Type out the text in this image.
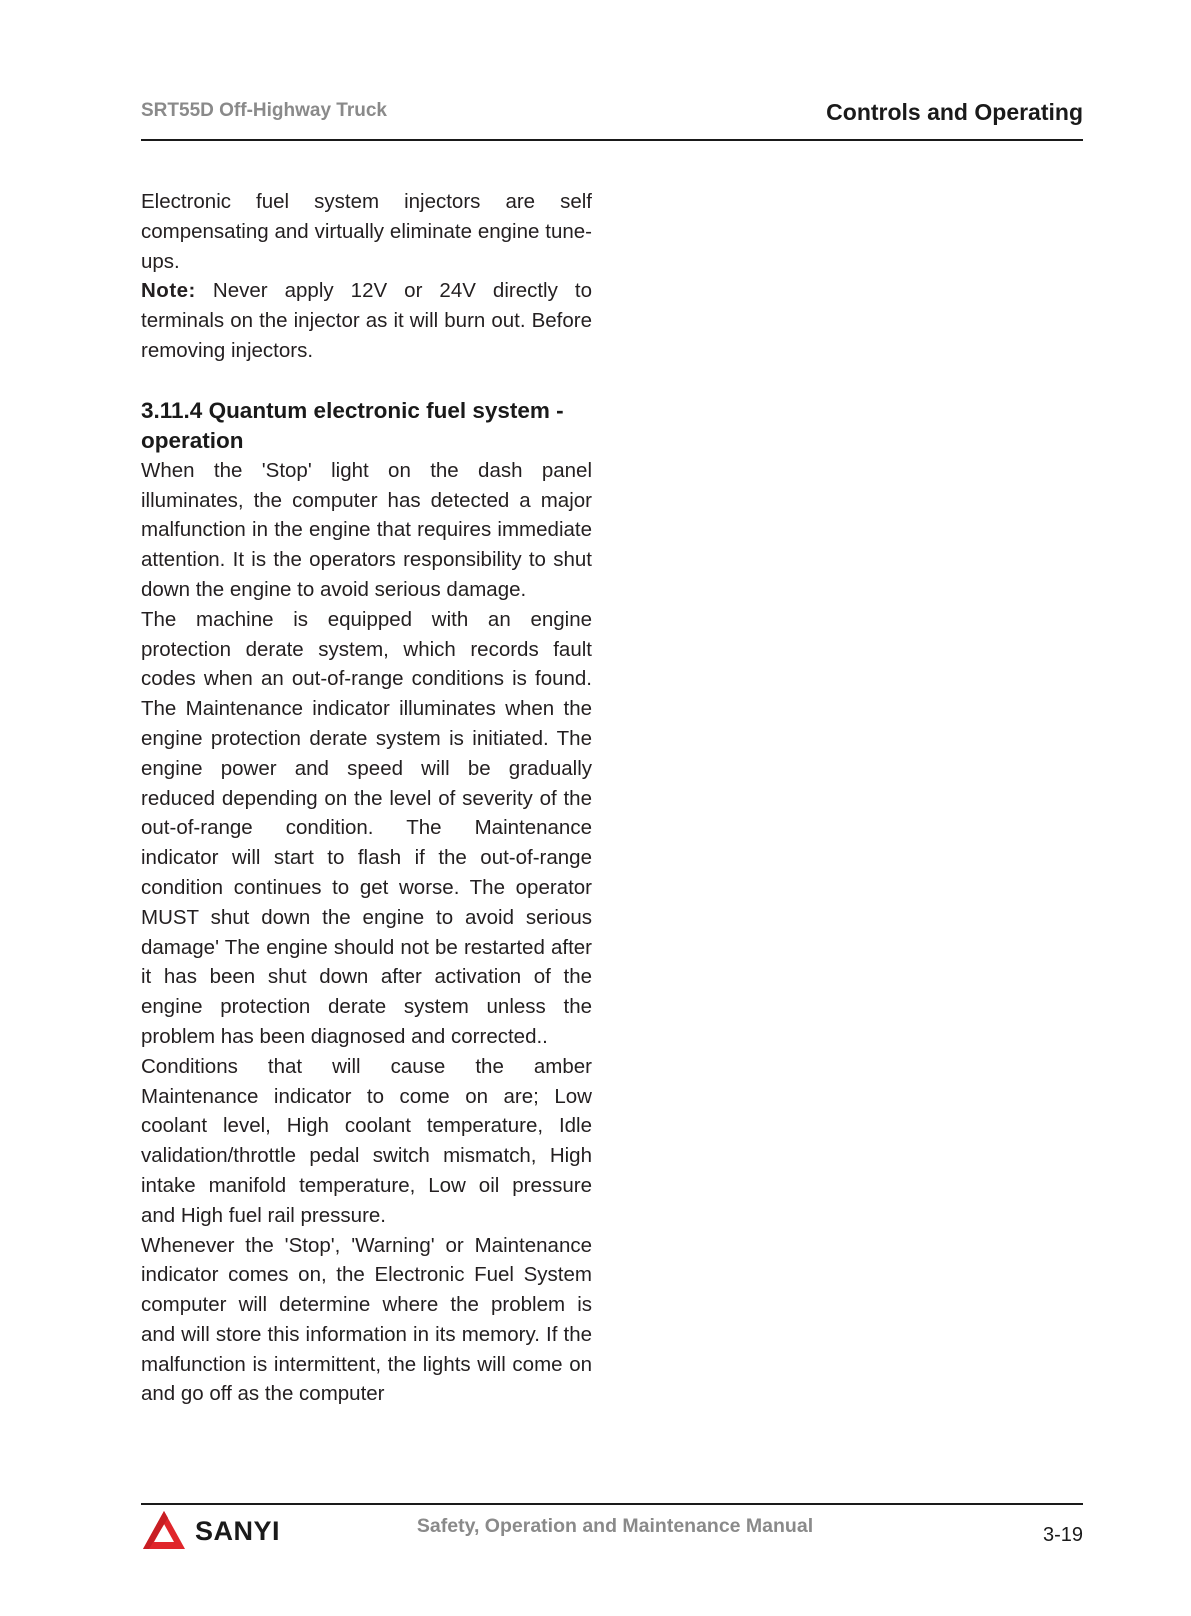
SRT55D Off-Highway Truck	Controls and Operating

Electronic fuel system injectors are self compensating and virtually eliminate engine tune-ups.

Note: Never apply 12V or 24V directly to terminals on the injector as it will burn out. Before removing injectors.

3.11.4 Quantum electronic fuel system - operation

When the 'Stop' light on the dash panel illuminates, the computer has detected a major malfunction in the engine that requires immediate attention. It is the operators responsibility to shut down the engine to avoid serious damage.

The machine is equipped with an engine protection derate system, which records fault codes when an out-of-range conditions is found. The Maintenance indicator illuminates when the engine protection derate system is initiated. The engine power and speed will be gradually reduced depending on the level of severity of the out-of-range condition. The Maintenance indicator will start to flash if the out-of-range condition continues to get worse. The operator MUST shut down the engine to avoid serious damage' The engine should not be restarted after it has been shut down after activation of the engine protection derate system unless the problem has been diagnosed and corrected..

Conditions that will cause the amber Maintenance indicator to come on are; Low coolant level, High coolant temperature, Idle validation/throttle pedal switch mismatch, High intake manifold temperature, Low oil pressure and High fuel rail pressure.

Whenever the 'Stop', 'Warning' or Maintenance indicator comes on, the Electronic Fuel System computer will determine where the problem is and will store this information in its memory. If the malfunction is intermittent, the lights will come on and go off as the computer

SANYI	Safety, Operation and Maintenance Manual	3-19
